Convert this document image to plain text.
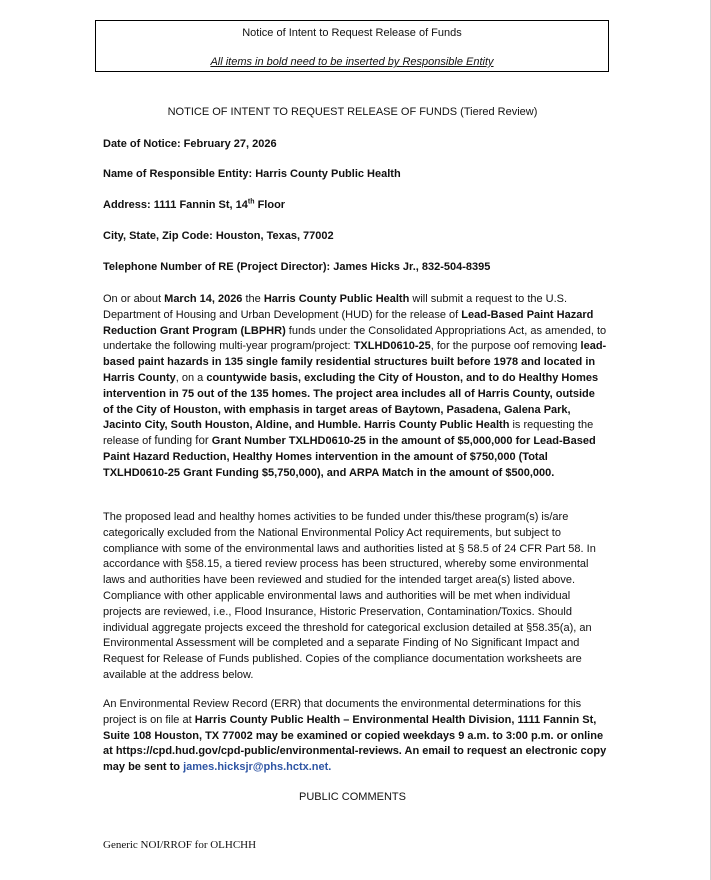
Notice of Intent to Request Release of Funds
All items in bold need to be inserted by Responsible Entity
NOTICE OF INTENT TO REQUEST RELEASE OF FUNDS (Tiered Review)
Date of Notice: February 27, 2026
Name of Responsible Entity: Harris County Public Health
Address: 1111 Fannin St, 14th Floor
City, State, Zip Code: Houston, Texas, 77002
Telephone Number of RE (Project Director): James Hicks Jr., 832-504-8395
On or about March 14, 2026 the Harris County Public Health will submit a request to the U.S. Department of Housing and Urban Development (HUD) for the release of Lead-Based Paint Hazard Reduction Grant Program (LBPHR) funds under the Consolidated Appropriations Act, as amended, to undertake the following multi-year program/project: TXLHD0610-25, for the purpose oof removing lead-based paint hazards in 135 single family residential structures built before 1978 and located in Harris County, on a countywide basis, excluding the City of Houston, and to do Healthy Homes intervention in 75 out of the 135 homes. The project area includes all of Harris County, outside of the City of Houston, with emphasis in target areas of Baytown, Pasadena, Galena Park, Jacinto City, South Houston, Aldine, and Humble. Harris County Public Health is requesting the release of funding for Grant Number TXLHD0610-25 in the amount of $5,000,000 for Lead-Based Paint Hazard Reduction, Healthy Homes intervention in the amount of $750,000 (Total TXLHD0610-25 Grant Funding $5,750,000), and ARPA Match in the amount of $500,000.
The proposed lead and healthy homes activities to be funded under this/these program(s) is/are categorically excluded from the National Environmental Policy Act requirements, but subject to compliance with some of the environmental laws and authorities listed at § 58.5 of 24 CFR Part 58. In accordance with §58.15, a tiered review process has been structured, whereby some environmental laws and authorities have been reviewed and studied for the intended target area(s) listed above. Compliance with other applicable environmental laws and authorities will be met when individual projects are reviewed, i.e., Flood Insurance, Historic Preservation, Contamination/Toxics. Should individual aggregate projects exceed the threshold for categorical exclusion detailed at §58.35(a), an Environmental Assessment will be completed and a separate Finding of No Significant Impact and Request for Release of Funds published. Copies of the compliance documentation worksheets are available at the address below.
An Environmental Review Record (ERR) that documents the environmental determinations for this project is on file at Harris County Public Health – Environmental Health Division, 1111 Fannin St, Suite 108 Houston, TX 77002 may be examined or copied weekdays 9 a.m. to 3:00 p.m. or online at https://cpd.hud.gov/cpd-public/environmental-reviews. An email to request an electronic copy may be sent to james.hicksjr@phs.hctx.net.
PUBLIC COMMENTS
Generic NOI/RROF for OLHCHH
